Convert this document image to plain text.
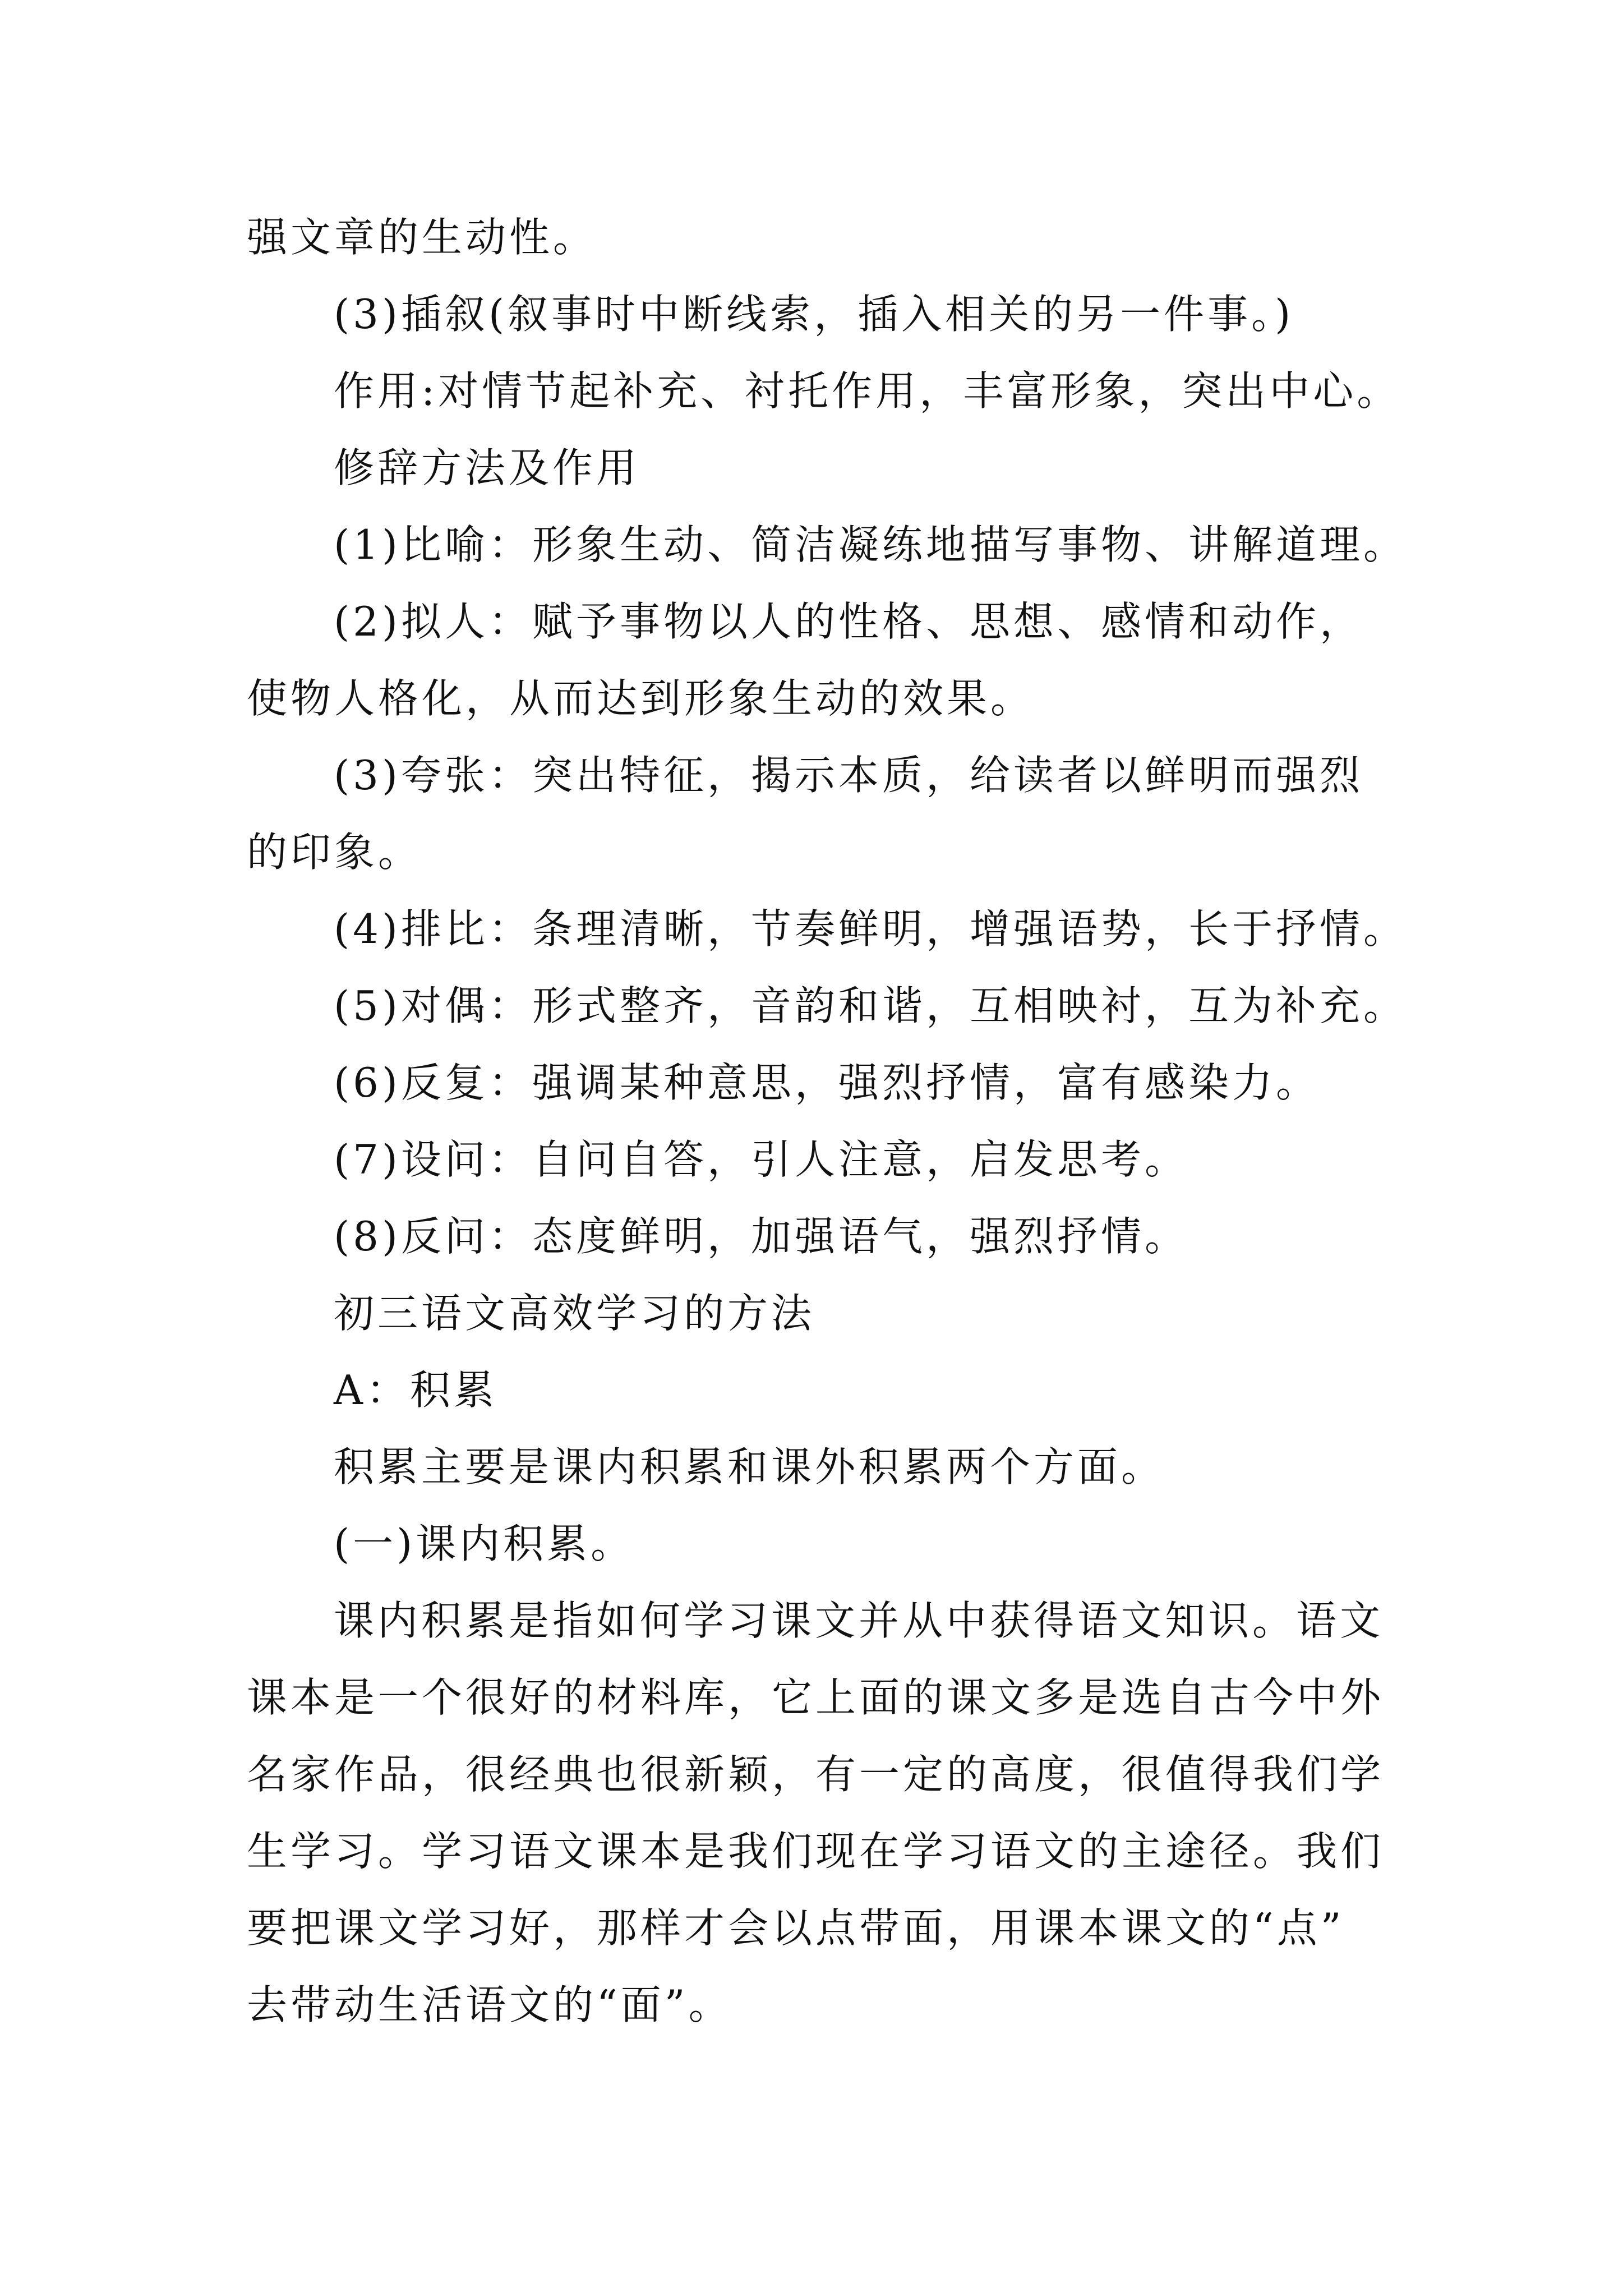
强文章的生动性。
(3)插叙(叙事时中断线索，插入相关的另一件事。)
作用:对情节起补充、衬托作用，丰富形象，突出中心。
修辞方法及作用
(1)比喻：形象生动、简洁凝练地描写事物、讲解道理。
(2)拟人：赋予事物以人的性格、思想、感情和动作，
使物人格化，从而达到形象生动的效果。
(3)夸张：突出特征，揭示本质，给读者以鲜明而强烈
的印象。
(4)排比：条理清晰，节奏鲜明，增强语势，长于抒情。
(5)对偶：形式整齐，音韵和谐，互相映衬，互为补充。
(6)反复：强调某种意思，强烈抒情，富有感染力。
(7)设问：自问自答，引人注意，启发思考。
(8)反问：态度鲜明，加强语气，强烈抒情。
初三语文高效学习的方法
A：积累
积累主要是课内积累和课外积累两个方面。
(一)课内积累。
课内积累是指如何学习课文并从中获得语文知识。语文
课本是一个很好的材料库，它上面的课文多是选自古今中外
名家作品，很经典也很新颖，有一定的高度，很值得我们学
生学习。学习语文课本是我们现在学习语文的主途径。我们
要把课文学习好，那样才会以点带面，用课本课文的“点”
去带动生活语文的“面”。
